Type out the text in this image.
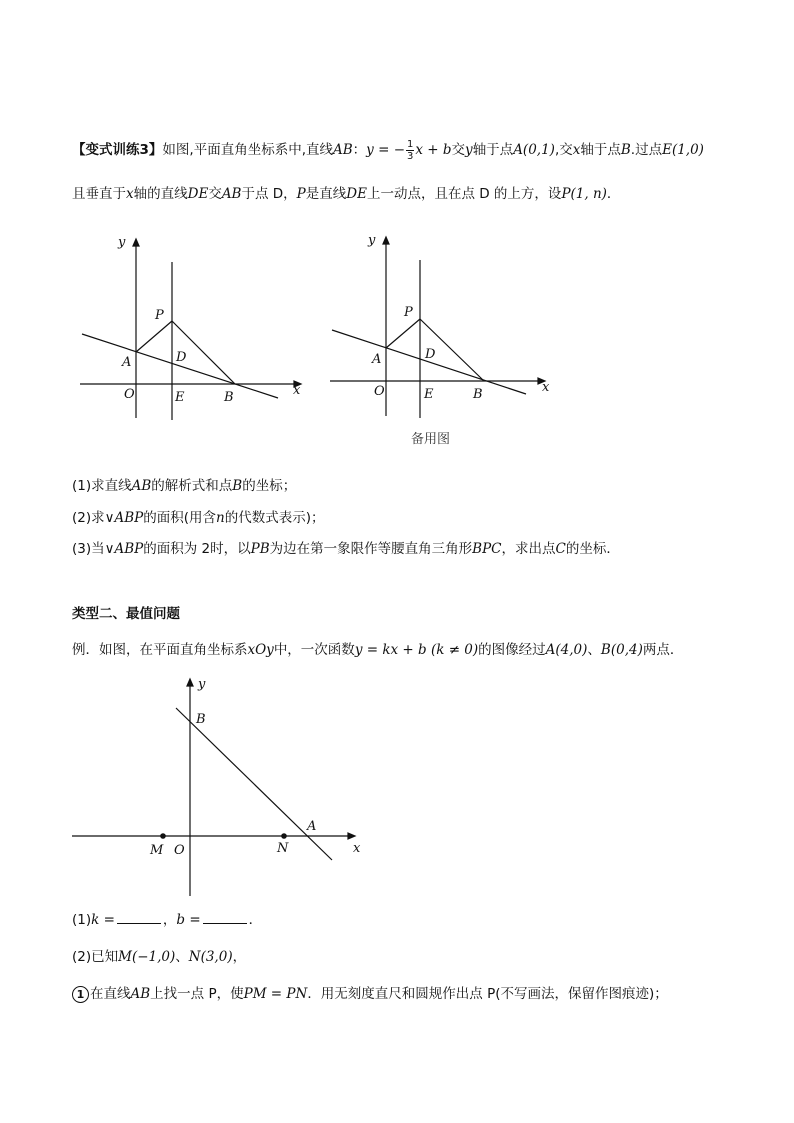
【变式训练3】如图,平面直角坐标系中,直线AB：y = − $\frac{1}{3}$ x + b交y轴于点A(0,1),交x轴于点B.过点E(1,0)
且垂直于x轴的直线DE交AB于点 D，P是直线DE上一动点，且在点 D 的上方，设P(1, n)．
y
x
O
A
P
D
E	B
y
x
O
A
P
D
E	B
备用图
(1)求直线AB的解析式和点B的坐标；
(2)求∨ABP的面积(用含n的代数式表示)；
(3)当∨ABP的面积为 2时，以PB为边在第一象限作等腰直角三角形BPC，求出点C的坐标．
类型二、最值问题
例．如图，在平面直角坐标系xOy中，一次函数y = kx + b (k ≠ 0)的图像经过A(4,0)、B(0,4)两点．
y
x
O
M	N
B
A
(1)k =	，b =	．
(2)已知M(−1,0)、N(3,0)，
1 在直线AB上找一点 P，使PM = PN．用无刻度直尺和圆规作出点 P(不写画法，保留作图痕迹)；
